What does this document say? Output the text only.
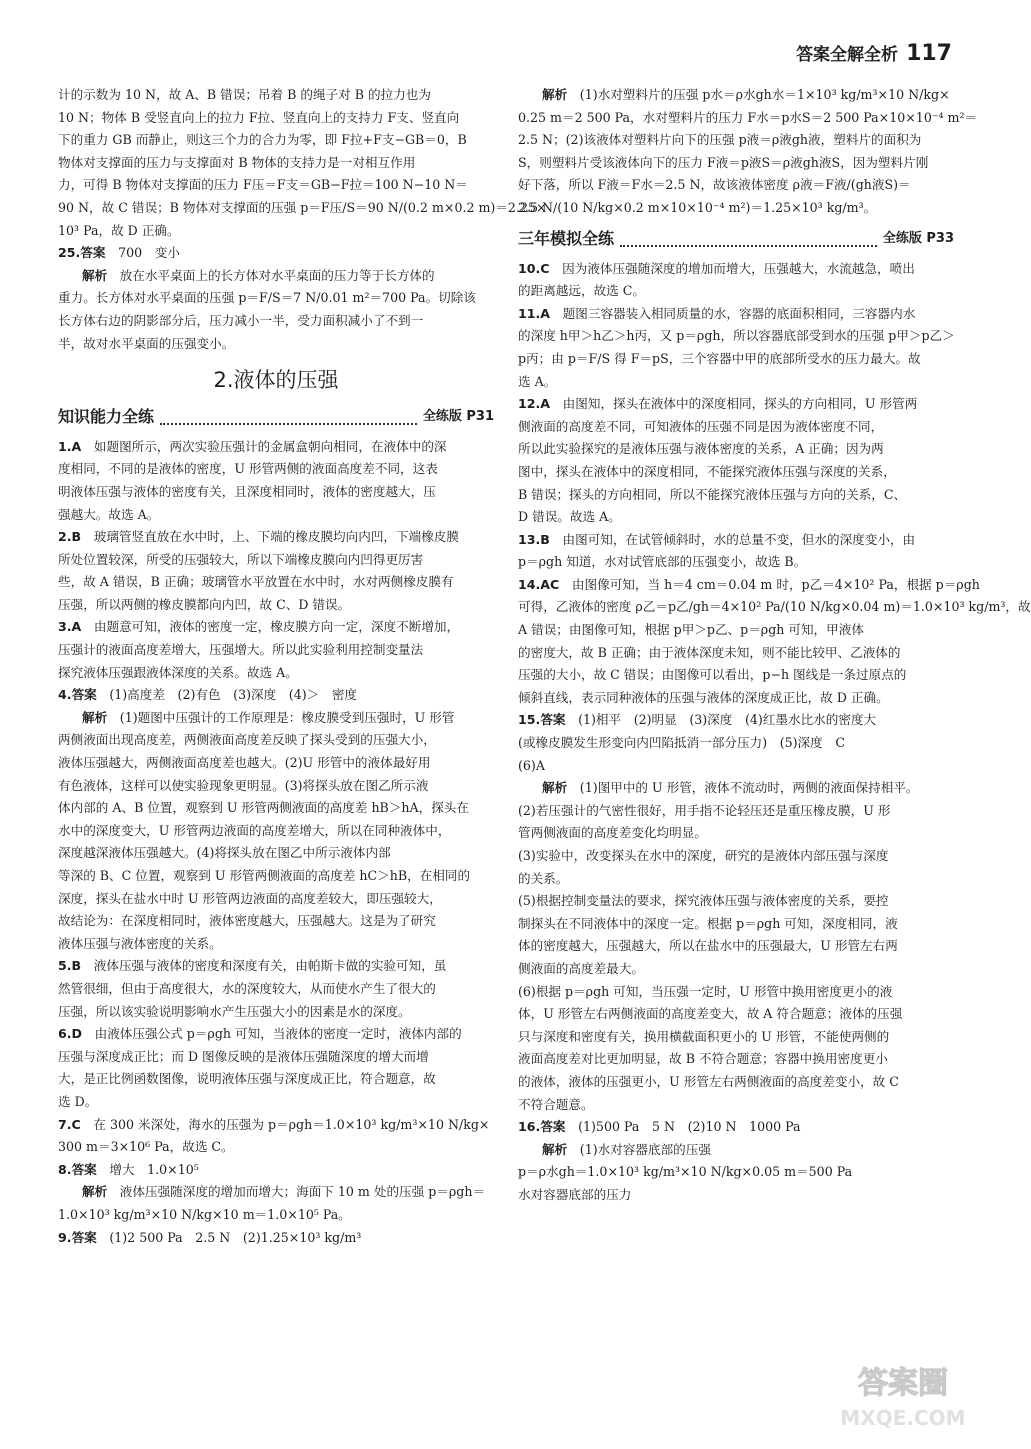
答案全解全析 117
计的示数为 10 N，故 A、B 错误；吊着 B 的绳子对 B 的拉力也为
10 N；物体 B 受竖直向上的拉力 F拉、竖直向上的支持力 F支、竖直向
下的重力 GB 而静止，则这三个力的合力为零，即 F拉+F支−GB＝0，B
物体对支撑面的压力与支撑面对 B 物体的支持力是一对相互作用
力，可得 B 物体对支撑面的压力 F压＝F支＝GB−F拉＝100 N−10 N＝
90 N，故 C 错误；B 物体对支撑面的压强 p＝F压/S＝90 N/(0.2 m×0.2 m)＝2.25×
10³ Pa，故 D 正确。
25.答案　 700　变小
解析　 放在水平桌面上的长方体对水平桌面的压力等于长方体的
重力。长方体对水平桌面的压强 p＝F/S＝7 N/0.01 m²＝700 Pa。切除该
长方体右边的阴影部分后，压力减小一半，受力面积减小了不到一
半，故对水平桌面的压强变小。
2.液体的压强
知识能力全练	全练版 P31
1.A　 如题图所示，两次实验压强计的金属盒朝向相同，在液体中的深
度相同，不同的是液体的密度，U 形管两侧的液面高度差不同，这表
明液体压强与液体的密度有关，且深度相同时，液体的密度越大，压
强越大。故选 A。
2.B　 玻璃管竖直放在水中时，上、下端的橡皮膜均向内凹，下端橡皮膜
所处位置较深，所受的压强较大，所以下端橡皮膜向内凹得更厉害
些，故 A 错误，B 正确；玻璃管水平放置在水中时，水对两侧橡皮膜有
压强，所以两侧的橡皮膜都向内凹，故 C、D 错误。
3.A　 由题意可知，液体的密度一定，橡皮膜方向一定，深度不断增加，
压强计的液面高度差增大，压强增大。所以此实验利用控制变量法
探究液体压强跟液体深度的关系。故选 A。
4.答案　 (1)高度差　(2)有色　(3)深度　(4)＞　密度
解析　 (1)题图中压强计的工作原理是：橡皮膜受到压强时，U 形管
两侧液面出现高度差，两侧液面高度差反映了探头受到的压强大小，
液体压强越大，两侧液面高度差也越大。(2)U 形管中的液体最好用
有色液体，这样可以使实验现象更明显。(3)将探头放在图乙所示液
体内部的 A、B 位置，观察到 U 形管两侧液面的高度差 hB＞hA，探头在
水中的深度变大，U 形管两边液面的高度差增大，所以在同种液体中，
深度越深液体压强越大。(4)将探头放在图乙中所示液体内部
等深的 B、C 位置，观察到 U 形管两侧液面的高度差 hC＞hB，在相同的
深度，探头在盐水中时 U 形管两边液面的高度差较大，即压强较大，
故结论为：在深度相同时，液体密度越大，压强越大。这是为了研究
液体压强与液体密度的关系。
5.B　 液体压强与液体的密度和深度有关，由帕斯卡做的实验可知，虽
然管很细，但由于高度很大，水的深度较大，从而使水产生了很大的
压强，所以该实验说明影响水产生压强大小的因素是水的深度。
6.D　 由液体压强公式 p＝ρgh 可知，当液体的密度一定时，液体内部的
压强与深度成正比；而 D 图像反映的是液体压强随深度的增大而增
大，是正比例函数图像，说明液体压强与深度成正比，符合题意，故
选 D。
7.C　 在 300 米深处，海水的压强为 p＝ρgh＝1.0×10³ kg/m³×10 N/kg×
300 m＝3×10⁶ Pa，故选 C。
8.答案　 增大　1.0×10⁵
解析　 液体压强随深度的增加而增大；海面下 10 m 处的压强 p＝ρgh＝
1.0×10³ kg/m³×10 N/kg×10 m＝1.0×10⁵ Pa。
9.答案　 (1)2 500 Pa　2.5 N　(2)1.25×10³ kg/m³
解析　 (1)水对塑料片的压强 p水＝ρ水gh水＝1×10³ kg/m³×10 N/kg×
0.25 m＝2 500 Pa，水对塑料片的压力 F水＝p水S＝2 500 Pa×10×10⁻⁴ m²＝
2.5 N；(2)该液体对塑料片向下的压强 p液＝ρ液gh液，塑料片的面积为
S，则塑料片受该液体向下的压力 F液＝p液S＝ρ液gh液S，因为塑料片刚
好下落，所以 F液＝F水＝2.5 N，故该液体密度 ρ液＝F液/(gh液S)＝
2.5 N/(10 N/kg×0.2 m×10×10⁻⁴ m²)＝1.25×10³ kg/m³。
三年模拟全练	全练版 P33
10.C　 因为液体压强随深度的增加而增大，压强越大，水流越急，喷出
的距离越远，故选 C。
11.A　 题图三容器装入相同质量的水，容器的底面积相同，三容器内水
的深度 h甲＞h乙＞h丙，又 p＝ρgh，所以容器底部受到水的压强 p甲＞p乙＞
p丙；由 p＝F/S 得 F＝pS，三个容器中甲的底部所受水的压力最大。故
选 A。
12.A　 由图知，探头在液体中的深度相同，探头的方向相同，U 形管两
侧液面的高度差不同，可知液体的压强不同是因为液体密度不同，
所以此实验探究的是液体压强与液体密度的关系，A 正确；因为两
图中，探头在液体中的深度相同，不能探究液体压强与深度的关系，
B 错误；探头的方向相同，所以不能探究液体压强与方向的关系，C、
D 错误。故选 A。
13.B　 由图可知，在试管倾斜时，水的总量不变，但水的深度变小，由
p＝ρgh 知道，水对试管底部的压强变小，故选 B。
14.AC　 由图像可知，当 h＝4 cm＝0.04 m 时，p乙＝4×10² Pa，根据 p＝ρgh
可得，乙液体的密度 ρ乙＝p乙/gh＝4×10² Pa/(10 N/kg×0.04 m)＝1.0×10³ kg/m³，故
A 错误；由图像可知，根据 p甲＞p乙、p＝ρgh 可知，甲液体
的密度大，故 B 正确；由于液体深度未知，则不能比较甲、乙液体的
压强的大小，故 C 错误；由图像可以看出，p−h 图线是一条过原点的
倾斜直线，表示同种液体的压强与液体的深度成正比，故 D 正确。
15.答案　 (1)相平　(2)明显　(3)深度　(4)红墨水比水的密度大
(或橡皮膜发生形变向内凹陷抵消一部分压力)　(5)深度　C
(6)A
解析　 (1)图甲中的 U 形管，液体不流动时，两侧的液面保持相平。
(2)若压强计的气密性很好，用手指不论轻压还是重压橡皮膜，U 形
管两侧液面的高度差变化均明显。
(3)实验中，改变探头在水中的深度，研究的是液体内部压强与深度
的关系。
(5)根据控制变量法的要求，探究液体压强与液体密度的关系，要控
制探头在不同液体中的深度一定。根据 p＝ρgh 可知，深度相同，液
体的密度越大，压强越大，所以在盐水中的压强最大，U 形管左右两
侧液面的高度差最大。
(6)根据 p＝ρgh 可知，当压强一定时，U 形管中换用密度更小的液
体，U 形管左右两侧液面的高度差变大，故 A 符合题意；液体的压强
只与深度和密度有关，换用横截面积更小的 U 形管，不能使两侧的
液面高度差对比更加明显，故 B 不符合题意；容器中换用密度更小
的液体，液体的压强更小，U 形管左右两侧液面的高度差变小，故 C
不符合题意。
16.答案　 (1)500 Pa　5 N　(2)10 N　1000 Pa
解析　 (1)水对容器底部的压强
p＝ρ水gh＝1.0×10³ kg/m³×10 N/kg×0.05 m＝500 Pa
水对容器底部的压力
答案圈
MXQE.COM
